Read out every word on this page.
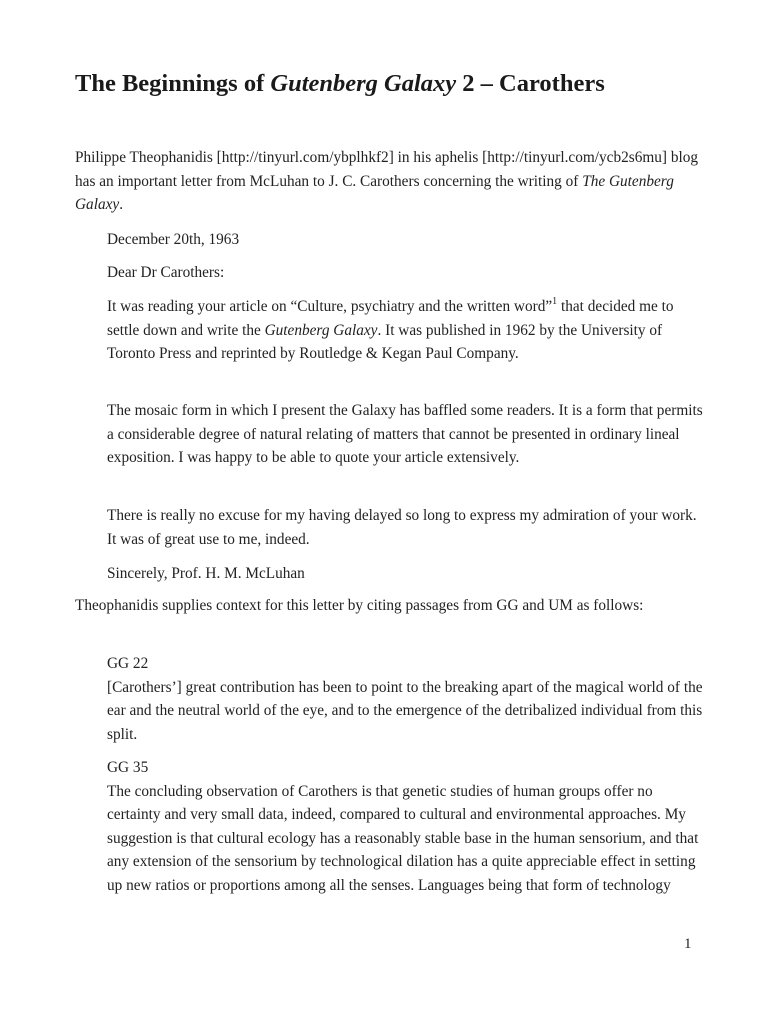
The Beginnings of Gutenberg Galaxy 2 – Carothers

Philippe Theophanidis [http://tinyurl.com/ybplhkf2] in his aphelis [http://tinyurl.com/ycb2s6mu] blog has an important letter from McLuhan to J. C. Carothers concerning the writing of The Gutenberg Galaxy.

December 20th, 1963

Dear Dr Carothers:

It was reading your article on “Culture, psychiatry and the written word”$^1$ that decided me to settle down and write the Gutenberg Galaxy. It was published in 1962 by the University of Toronto Press and reprinted by Routledge & Kegan Paul Company.

The mosaic form in which I present the Galaxy has baffled some readers. It is a form that permits a considerable degree of natural relating of matters that cannot be presented in ordinary lineal exposition. I was happy to be able to quote your article extensively.

There is really no excuse for my having delayed so long to express my admiration of your work. It was of great use to me, indeed.

Sincerely, Prof. H. M. McLuhan

Theophanidis supplies context for this letter by citing passages from GG and UM as follows:

GG 22
[Carothers’] great contribution has been to point to the breaking apart of the magical world of the ear and the neutral world of the eye, and to the emergence of the detribalized individual from this split.
GG 35
The concluding observation of Carothers is that genetic studies of human groups offer no certainty and very small data, indeed, compared to cultural and environmental approaches. My suggestion is that cultural ecology has a reasonably stable base in the human sensorium, and that any extension of the sensorium by technological dilation has a quite appreciable effect in setting up new ratios or proportions among all the senses. Languages being that form of technology
1
